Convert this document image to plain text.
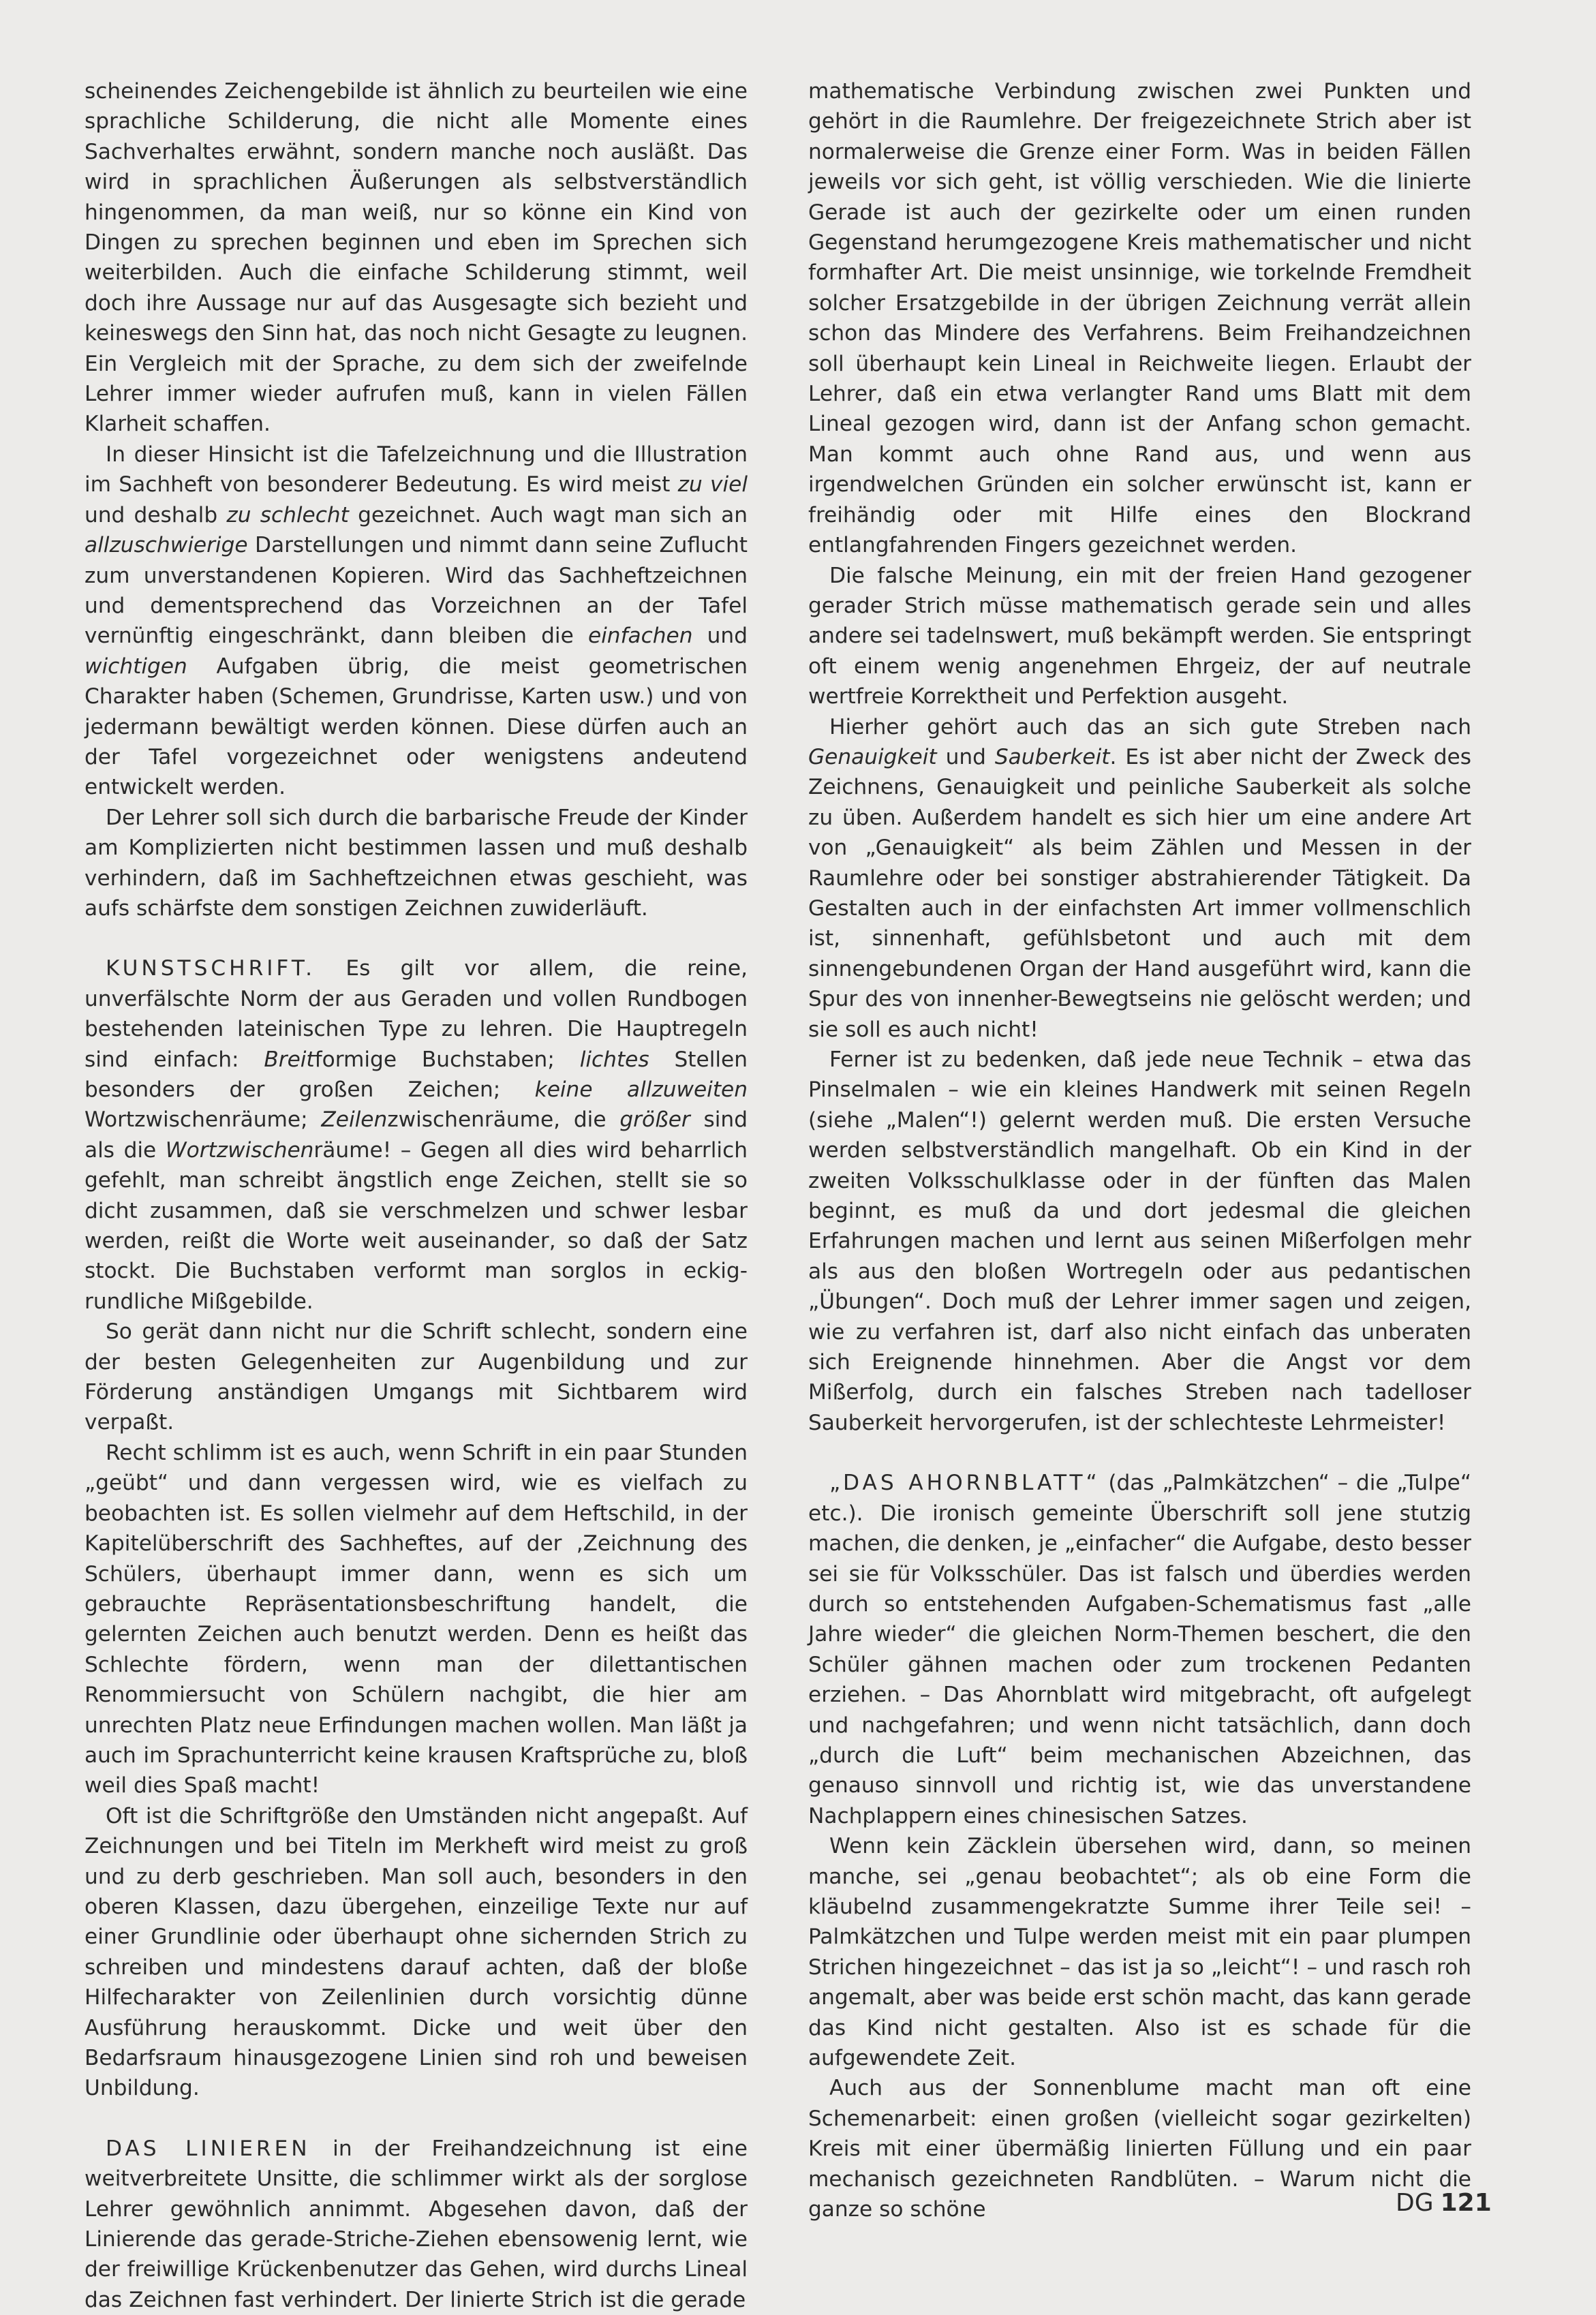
scheinendes Zeichengebilde ist ähnlich zu beurteilen wie eine sprachliche Schilderung, die nicht alle Momente eines Sachverhaltes erwähnt, sondern manche noch ausläßt. Das wird in sprachlichen Äußerungen als selbstverständlich hingenommen, da man weiß, nur so könne ein Kind von Dingen zu sprechen beginnen und eben im Sprechen sich weiterbilden. Auch die einfache Schilderung stimmt, weil doch ihre Aussage nur auf das Ausgesagte sich bezieht und keineswegs den Sinn hat, das noch nicht Gesagte zu leugnen. Ein Vergleich mit der Sprache, zu dem sich der zweifelnde Lehrer immer wieder aufrufen muß, kann in vielen Fällen Klarheit schaffen.

In dieser Hinsicht ist die Tafelzeichnung und die Illustration im Sachheft von besonderer Bedeutung. Es wird meist zu viel und deshalb zu schlecht gezeichnet. Auch wagt man sich an allzuschwierige Darstellungen und nimmt dann seine Zuflucht zum unverstandenen Kopieren. Wird das Sachheftzeichnen und dementsprechend das Vorzeichnen an der Tafel vernünftig eingeschränkt, dann bleiben die einfachen und wichtigen Aufgaben übrig, die meist geometrischen Charakter haben (Schemen, Grundrisse, Karten usw.) und von jedermann bewältigt werden können. Diese dürfen auch an der Tafel vorgezeichnet oder wenigstens andeutend entwickelt werden.

Der Lehrer soll sich durch die barbarische Freude der Kinder am Komplizierten nicht bestimmen lassen und muß deshalb verhindern, daß im Sachheftzeichnen etwas geschieht, was aufs schärfste dem sonstigen Zeichnen zuwiderläuft.

KUNSTSCHRIFT. Es gilt vor allem, die reine, unverfälschte Norm der aus Geraden und vollen Rundbogen bestehenden lateinischen Type zu lehren. Die Hauptregeln sind einfach: Breitformige Buchstaben; lichtes Stellen besonders der großen Zeichen; keine allzuweiten Wortzwischenräume; Zeilenzwischenräume, die größer sind als die Wortzwischenräume! – Gegen all dies wird beharrlich gefehlt, man schreibt ängstlich enge Zeichen, stellt sie so dicht zusammen, daß sie verschmelzen und schwer lesbar werden, reißt die Worte weit auseinander, so daß der Satz stockt. Die Buchstaben verformt man sorglos in eckig-rundliche Mißgebilde.

So gerät dann nicht nur die Schrift schlecht, sondern eine der besten Gelegenheiten zur Augenbildung und zur Förderung anständigen Umgangs mit Sichtbarem wird verpaßt.

Recht schlimm ist es auch, wenn Schrift in ein paar Stunden „geübt“ und dann vergessen wird, wie es vielfach zu beobachten ist. Es sollen vielmehr auf dem Heftschild, in der Kapitelüberschrift des Sachheftes, auf der ‚Zeichnung des Schülers, überhaupt immer dann, wenn es sich um gebrauchte Repräsentationsbeschriftung handelt, die gelernten Zeichen auch benutzt werden. Denn es heißt das Schlechte fördern, wenn man der dilettantischen Renommiersucht von Schülern nachgibt, die hier am unrechten Platz neue Erfindungen machen wollen. Man läßt ja auch im Sprachunterricht keine krausen Kraftsprüche zu, bloß weil dies Spaß macht!

Oft ist die Schriftgröße den Umständen nicht angepaßt. Auf Zeichnungen und bei Titeln im Merkheft wird meist zu groß und zu derb geschrieben. Man soll auch, besonders in den oberen Klassen, dazu übergehen, einzeilige Texte nur auf einer Grundlinie oder überhaupt ohne sichernden Strich zu schreiben und mindestens darauf achten, daß der bloße Hilfecharakter von Zeilenlinien durch vorsichtig dünne Ausführung herauskommt. Dicke und weit über den Bedarfsraum hinausgezogene Linien sind roh und beweisen Unbildung.

DAS LINIEREN in der Freihandzeichnung ist eine weitverbreitete Unsitte, die schlimmer wirkt als der sorglose Lehrer gewöhnlich annimmt. Abgesehen davon, daß der Linierende das gerade-Striche-Ziehen ebensowenig lernt, wie der freiwillige Krückenbenutzer das Gehen, wird durchs Lineal das Zeichnen fast verhindert. Der linierte Strich ist die gerade

mathematische Verbindung zwischen zwei Punkten und gehört in die Raumlehre. Der freigezeichnete Strich aber ist normalerweise die Grenze einer Form. Was in beiden Fällen jeweils vor sich geht, ist völlig verschieden. Wie die linierte Gerade ist auch der gezirkelte oder um einen runden Gegenstand herumgezogene Kreis mathematischer und nicht formhafter Art. Die meist unsinnige, wie torkelnde Fremdheit solcher Ersatzgebilde in der übrigen Zeichnung verrät allein schon das Mindere des Verfahrens. Beim Freihandzeichnen soll überhaupt kein Lineal in Reichweite liegen. Erlaubt der Lehrer, daß ein etwa verlangter Rand ums Blatt mit dem Lineal gezogen wird, dann ist der Anfang schon gemacht. Man kommt auch ohne Rand aus, und wenn aus irgendwelchen Gründen ein solcher erwünscht ist, kann er freihändig oder mit Hilfe eines den Blockrand entlangfahrenden Fingers gezeichnet werden.

Die falsche Meinung, ein mit der freien Hand gezogener gerader Strich müsse mathematisch gerade sein und alles andere sei tadelnswert, muß bekämpft werden. Sie entspringt oft einem wenig angenehmen Ehrgeiz, der auf neutrale wertfreie Korrektheit und Perfektion ausgeht.

Hierher gehört auch das an sich gute Streben nach Genauigkeit und Sauberkeit. Es ist aber nicht der Zweck des Zeichnens, Genauigkeit und peinliche Sauberkeit als solche zu üben. Außerdem handelt es sich hier um eine andere Art von „Genauigkeit“ als beim Zählen und Messen in der Raumlehre oder bei sonstiger abstrahierender Tätigkeit. Da Gestalten auch in der einfachsten Art immer vollmenschlich ist, sinnenhaft, gefühlsbetont und auch mit dem sinnengebundenen Organ der Hand ausgeführt wird, kann die Spur des von innenher-Bewegtseins nie gelöscht werden; und sie soll es auch nicht!

Ferner ist zu bedenken, daß jede neue Technik – etwa das Pinselmalen – wie ein kleines Handwerk mit seinen Regeln (siehe „Malen“!) gelernt werden muß. Die ersten Versuche werden selbstverständlich mangelhaft. Ob ein Kind in der zweiten Volksschulklasse oder in der fünften das Malen beginnt, es muß da und dort jedesmal die gleichen Erfahrungen machen und lernt aus seinen Mißerfolgen mehr als aus den bloßen Wortregeln oder aus pedantischen „Übungen“. Doch muß der Lehrer immer sagen und zeigen, wie zu verfahren ist, darf also nicht einfach das unberaten sich Ereignende hinnehmen. Aber die Angst vor dem Mißerfolg, durch ein falsches Streben nach tadelloser Sauberkeit hervorgerufen, ist der schlechteste Lehrmeister!

„DAS AHORNBLATT“ (das „Palmkätzchen“ – die „Tulpe“ etc.). Die ironisch gemeinte Überschrift soll jene stutzig machen, die denken, je „einfacher“ die Aufgabe, desto besser sei sie für Volksschüler. Das ist falsch und überdies werden durch so entstehenden Aufgaben-Schematismus fast „alle Jahre wieder“ die gleichen Norm-Themen beschert, die den Schüler gähnen machen oder zum trockenen Pedanten erziehen. – Das Ahornblatt wird mitgebracht, oft aufgelegt und nachgefahren; und wenn nicht tatsächlich, dann doch „durch die Luft“ beim mechanischen Abzeichnen, das genauso sinnvoll und richtig ist, wie das unverstandene Nachplappern eines chinesischen Satzes.

Wenn kein Zäcklein übersehen wird, dann, so meinen manche, sei „genau beobachtet“; als ob eine Form die kläubelnd zusammengekratzte Summe ihrer Teile sei! – Palmkätzchen und Tulpe werden meist mit ein paar plumpen Strichen hingezeichnet – das ist ja so „leicht“! – und rasch roh angemalt, aber was beide erst schön macht, das kann gerade das Kind nicht gestalten. Also ist es schade für die aufgewendete Zeit.

Auch aus der Sonnenblume macht man oft eine Schemenarbeit: einen großen (vielleicht sogar gezirkelten) Kreis mit einer übermäßig linierten Füllung und ein paar mechanisch gezeichneten Randblüten. – Warum nicht die ganze so schöne	DG 121
